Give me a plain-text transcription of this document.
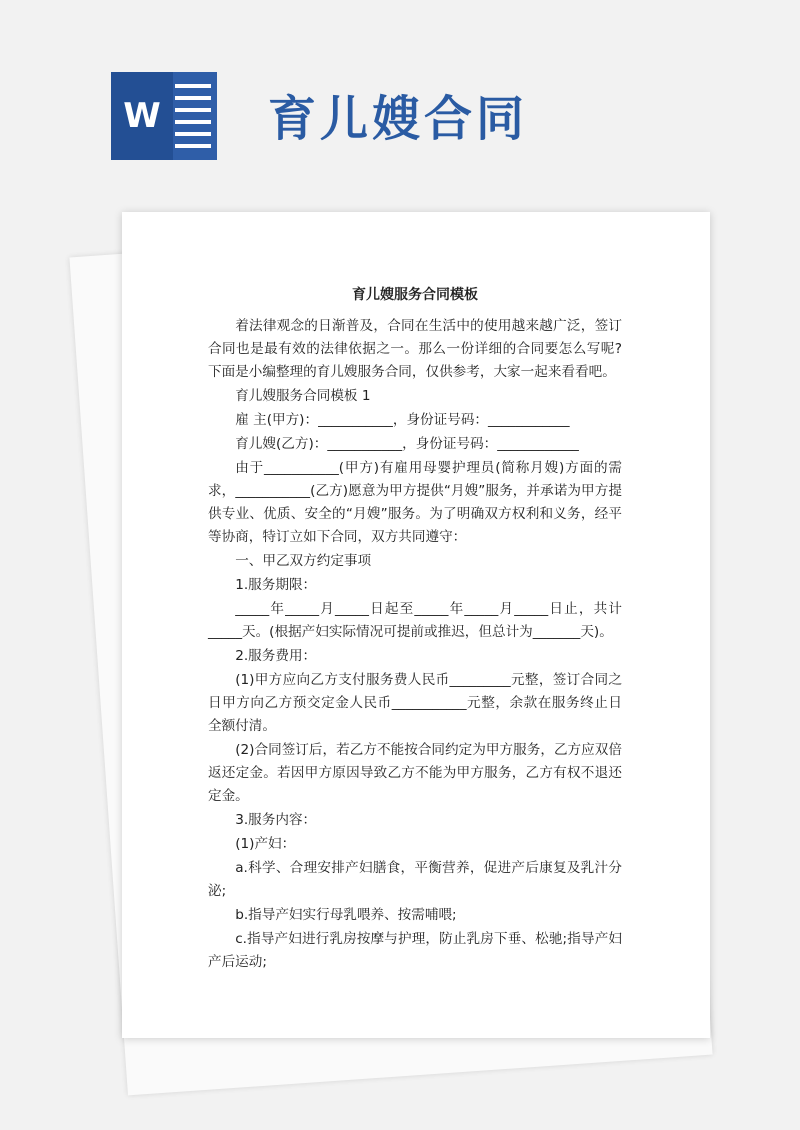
W 育儿嫂合同
育儿嫂服务合同模板

着法律观念的日渐普及，合同在生活中的使用越来越广泛，签订合同也是最有效的法律依据之一。那么一份详细的合同要怎么写呢?下面是小编整理的育儿嫂服务合同，仅供参考，大家一起来看看吧。

育儿嫂服务合同模板 1

雇 主(甲方)：___________，身份证号码：____________

育儿嫂(乙方)：___________，身份证号码：____________

由于___________(甲方)有雇用母婴护理员(简称月嫂)方面的需求，___________(乙方)愿意为甲方提供“月嫂”服务，并承诺为甲方提供专业、优质、安全的“月嫂”服务。为了明确双方权利和义务，经平等协商，特订立如下合同，双方共同遵守：

一、甲乙双方约定事项

1.服务期限：

_____年_____月_____日起至_____年_____月_____日止，共计_____天。(根据产妇实际情况可提前或推迟，但总计为_______天)。

2.服务费用：

(1)甲方应向乙方支付服务费人民币_________元整，签订合同之日甲方向乙方预交定金人民币___________元整，余款在服务终止日全额付清。

(2)合同签订后，若乙方不能按合同约定为甲方服务，乙方应双倍返还定金。若因甲方原因导致乙方不能为甲方服务，乙方有权不退还定金。

3.服务内容：

(1)产妇：

a.科学、合理安排产妇膳食，平衡营养，促进产后康复及乳汁分泌;

b.指导产妇实行母乳喂养、按需哺喂;

c.指导产妇进行乳房按摩与护理，防止乳房下垂、松驰;指导产妇产后运动;
